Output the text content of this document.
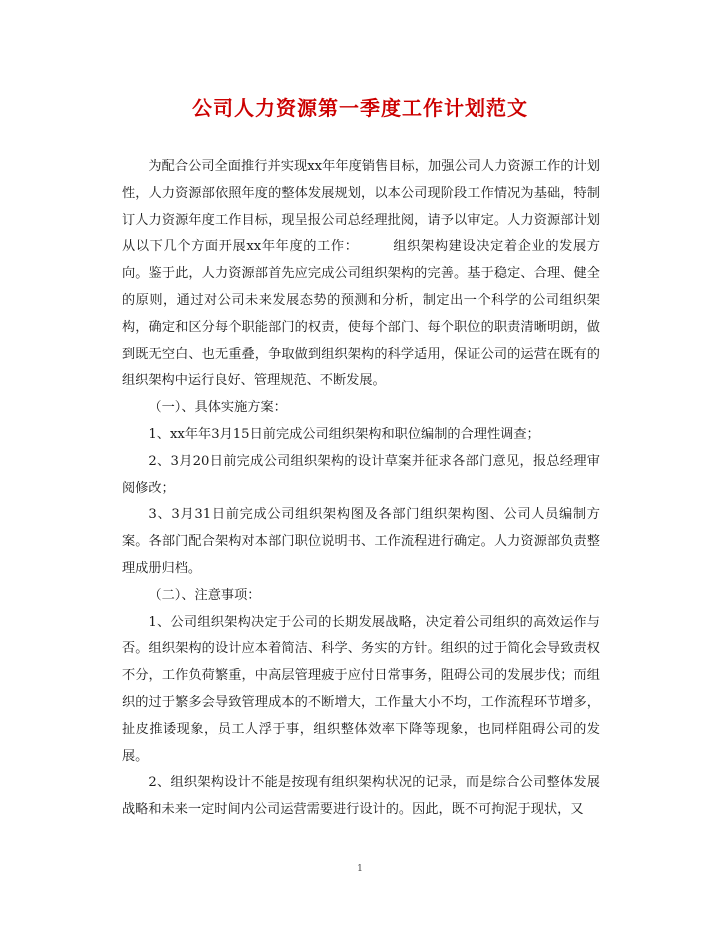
公司人力资源第一季度工作计划范文

为配合公司全面推行并实现xx年年度销售目标，加强公司人力资源工作的计划性，人力资源部依照年度的整体发展规划，以本公司现阶段工作情况为基础，特制订人力资源年度工作目标，现呈报公司总经理批阅，请予以审定。人力资源部计划从以下几个方面开展xx年年度的工作：　　　组织架构建设决定着企业的发展方向。鉴于此，人力资源部首先应完成公司组织架构的完善。基于稳定、合理、健全的原则，通过对公司未来发展态势的预测和分析，制定出一个科学的公司组织架构，确定和区分每个职能部门的权责，使每个部门、每个职位的职责清晰明朗，做到既无空白、也无重叠，争取做到组织架构的科学适用，保证公司的运营在既有的组织架构中运行良好、管理规范、不断发展。

（一）、具体实施方案：

1、xx年年3月15日前完成公司组织架构和职位编制的合理性调查；

2、3月20日前完成公司组织架构的设计草案并征求各部门意见，报总经理审阅修改；

3、3月31日前完成公司组织架构图及各部门组织架构图、公司人员编制方案。各部门配合架构对本部门职位说明书、工作流程进行确定。人力资源部负责整理成册归档。

（二）、注意事项：

1、公司组织架构决定于公司的长期发展战略，决定着公司组织的高效运作与否。组织架构的设计应本着简洁、科学、务实的方针。组织的过于简化会导致责权不分，工作负荷繁重，中高层管理疲于应付日常事务，阻碍公司的发展步伐；而组织的过于繁多会导致管理成本的不断增大，工作量大小不均，工作流程环节增多，扯皮推诿现象，员工人浮于事，组织整体效率下降等现象，也同样阻碍公司的发展。

2、组织架构设计不能是按现有组织架构状况的记录，而是综合公司整体发展战略和未来一定时间内公司运营需要进行设计的。因此，既不可拘泥于现状，又

1
